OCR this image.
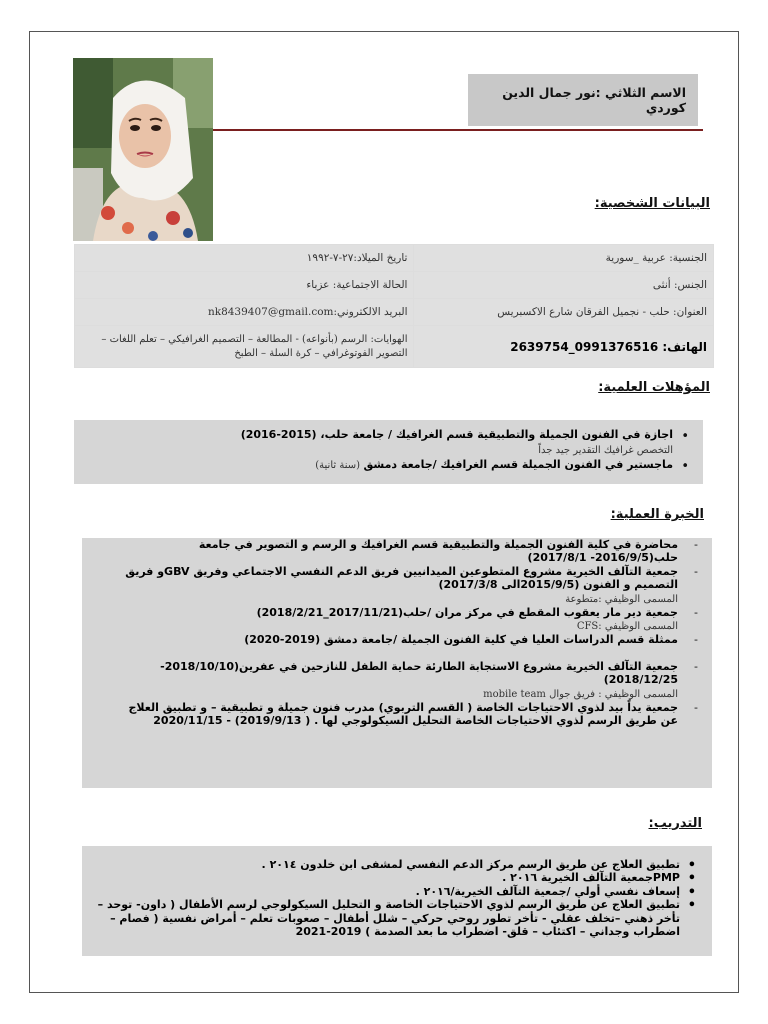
الاسم الثلاثي :نور جمال الدين كوردي
البيانات الشخصية:
الجنسية: عربية _سورية	تاريخ الميلاد:٢٧-٧-١٩٩٢
الجنس: أنثى	الحالة الاجتماعية: عزباء
العنوان: حلب - نجميل الفرقان شارع الاكسبريس	البريد الالكتروني:nk8439407@gmail.com
الهاتف: 0991376516_2639754	الهوايات: الرسم (بأنواعه) - المطالعة – التصميم الغرافيكي – تعلم اللغات – التصوير الفوتوغرافي – كرة السلة – الطبخ
المؤهلات العلمية:
• اجازة في الفنون الجميلة والتطبيقية قسم الغرافيك / جامعة حلب، (2015-2016)
التخصص غرافيك التقدير جيد جداً
• ماجستير في الفنون الجميلة قسم الغرافيك /جامعة دمشق (سنة ثانية)
الخبرة العملية:
- محاضرة في كلية الفنون الجميلة والتطبيقية قسم الغرافيك و الرسم و التصوير في جامعة حلب(2016/9/5- 2017/8/1)
- جمعية التآلف الخيرية مشروع المتطوعين الميدانيين فريق الدعم النفسي الاجتماعي وفريق GBVو فريق التصميم و الفنون (2015/9/5الى 2017/3/8)
المسمى الوظيفي :متطوعة
- جمعية دير مار يعقوب المقطع في مركز مران /حلب(2017/11/21_2018/2/21)
المسمى الوظيفي :CFS
- ممثلة قسم الدراسات العليا في كلية الفنون الجميلة /جامعة دمشق (2019-2020)
- جمعية التآلف الخيرية مشروع الاستجابة الطارئة حماية الطفل للنازحين في عفرين(2018/10/10-2018/12/25)
المسمى الوظيفي : فريق جوال mobile team
- جمعية يداً بيد لذوي الاحتياجات الخاصة ( القسم التربوي) مدرب فنون جميلة و تطبيقية – و تطبيق العلاج عن طريق الرسم لذوي الاحتياجات الخاصة التحليل السيكولوجي لها . ( 2019/9/13) - 2020/11/15
التدريب:
• تطبيق العلاج عن طريق الرسم مركز الدعم النفسي لمشفى ابن خلدون ٢٠١٤ .
• PMPجمعية التآلف الخيرية ٢٠١٦ .
• إسعاف نفسي أولي /جمعية التآلف الخيرية/٢٠١٦ .
• تطبيق العلاج عن طريق الرسم لذوي الاحتياجات الخاصة و التحليل السيكولوجي لرسم الأطفال ( داون- توحد –تأخر ذهني –تخلف عقلي - تأخر تطور روحي حركي – شلل أطفال – صعوبات تعلم – أمراض نفسية ( فصام – اضطراب وجداني – اكتئاب – قلق- اضطراب ما بعد الصدمة ) 2019-2021
